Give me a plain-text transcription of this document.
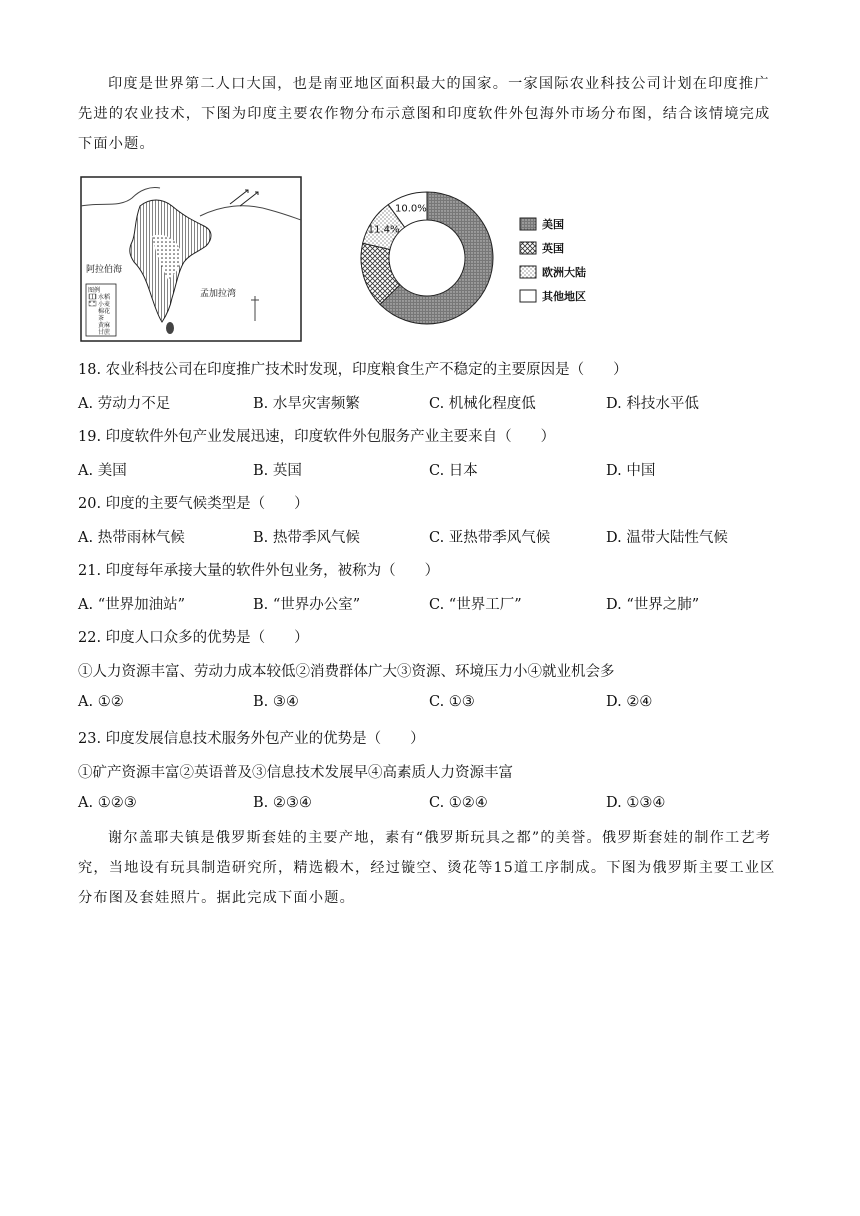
印度是世界第二人口大国，也是南亚地区面积最大的国家。一家国际农业科技公司计划在印度推广先进的农业技术，下图为印度主要农作物分布示意图和印度软件外包海外市场分布图，结合该情境完成下面小题。

阿拉伯海
孟加拉湾
图例
水稻
小麦
棉花
茶
黄麻
甘蔗
11.4%
10.0%
美国
英国
欧洲大陆
其他地区

18. 农业科技公司在印度推广技术时发现，印度粮食生产不稳定的主要原因是（　　）

A. 劳动力不足	B. 水旱灾害频繁	C. 机械化程度低	D. 科技水平低

19. 印度软件外包产业发展迅速，印度软件外包服务产业主要来自（　　）

A. 美国	B. 英国	C. 日本	D. 中国

20. 印度的主要气候类型是（　　）

A. 热带雨林气候	B. 热带季风气候	C. 亚热带季风气候	D. 温带大陆性气候

21. 印度每年承接大量的软件外包业务，被称为（　　）

A. “世界加油站”	B. “世界办公室”	C. “世界工厂”	D. “世界之肺”

22. 印度人口众多的优势是（　　）

①人力资源丰富、劳动力成本较低②消费群体广大③资源、环境压力小④就业机会多

A. ①②	B. ③④	C. ①③	D. ②④

23. 印度发展信息技术服务外包产业的优势是（　　）

①矿产资源丰富②英语普及③信息技术发展早④高素质人力资源丰富

A. ①②③	B. ②③④	C. ①②④	D. ①③④

谢尔盖耶夫镇是俄罗斯套娃的主要产地，素有“俄罗斯玩具之都”的美誉。俄罗斯套娃的制作工艺考究，当地设有玩具制造研究所，精选椴木，经过镟空、烫花等15道工序制成。下图为俄罗斯主要工业区分布图及套娃照片。据此完成下面小题。
